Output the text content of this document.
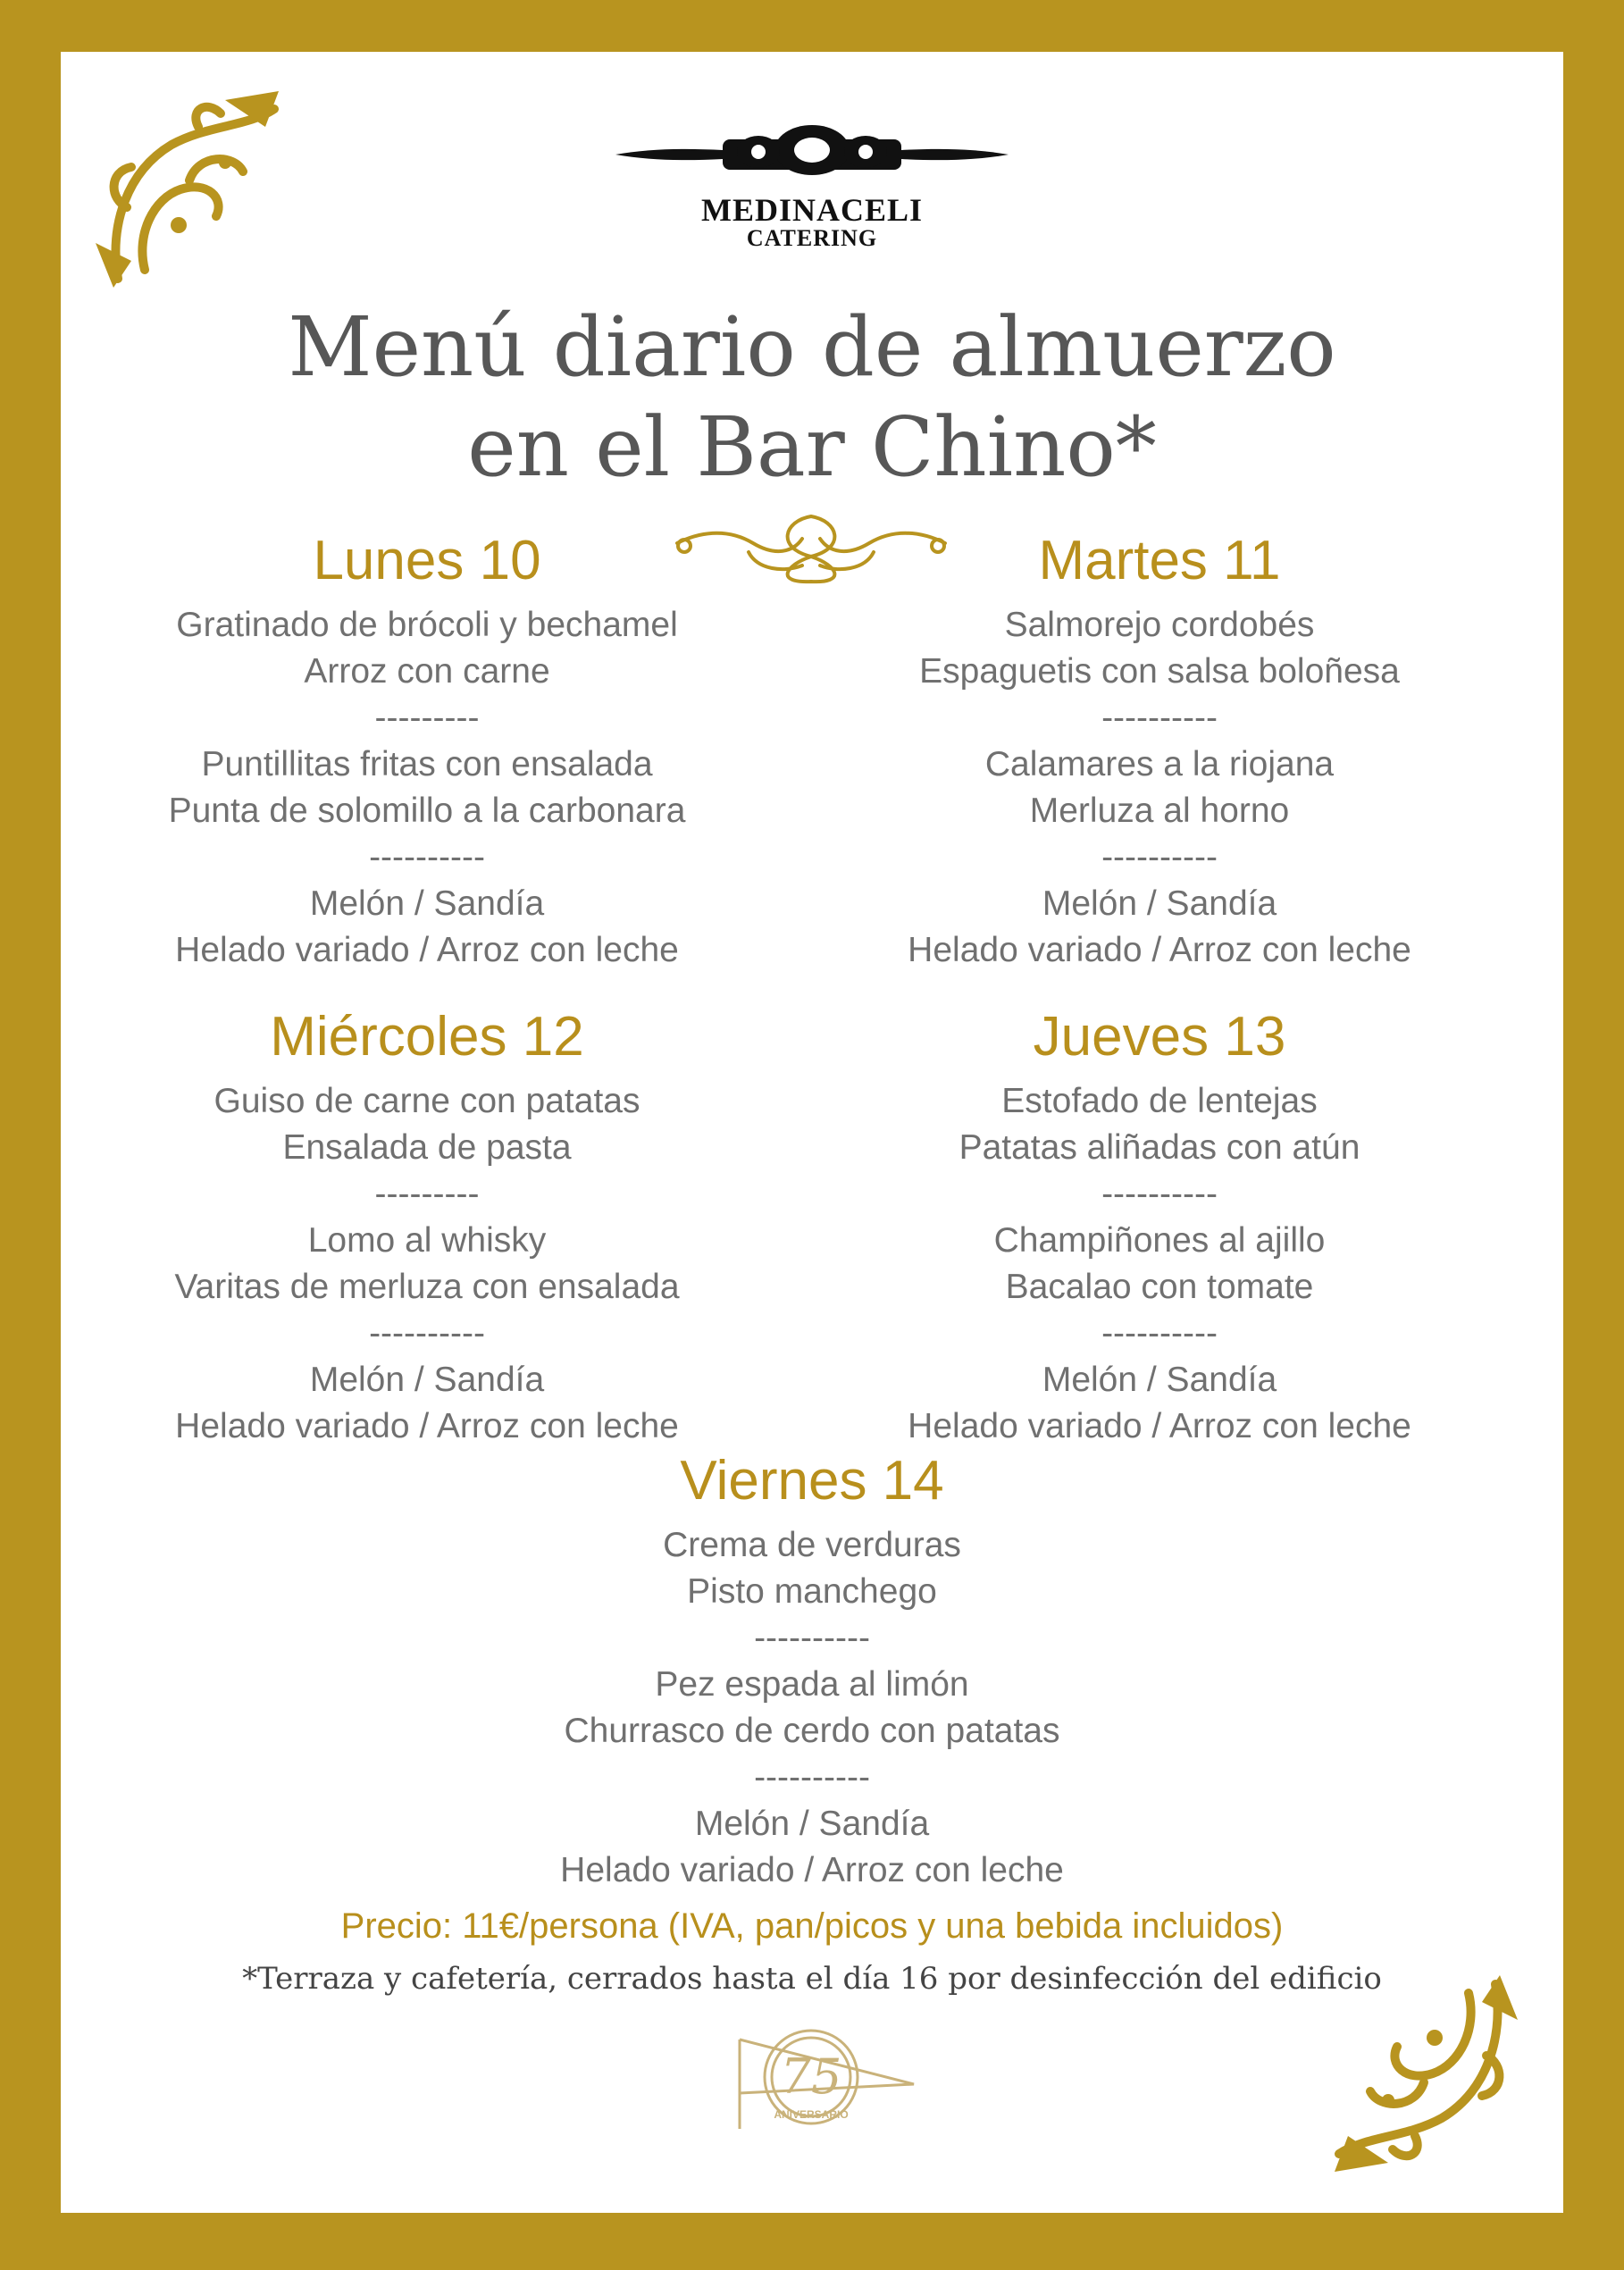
MEDINACELI
CATERING
Menú diario de almuerzo
en el Bar Chino*
Lunes 10
Gratinado de brócoli y bechamel
Arroz con carne
---------
Puntillitas fritas con ensalada
Punta de solomillo a la carbonara
----------
Melón / Sandía
Helado variado / Arroz con leche
Martes 11
Salmorejo cordobés
Espaguetis con salsa boloñesa
----------
Calamares a la riojana
Merluza al horno
----------
Melón / Sandía
Helado variado / Arroz con leche
Miércoles 12
Guiso de carne con patatas
Ensalada de pasta
---------
Lomo al whisky
Varitas de merluza con ensalada
----------
Melón / Sandía
Helado variado / Arroz con leche
Jueves 13
Estofado de lentejas
Patatas aliñadas con atún
----------
Champiñones al ajillo
Bacalao con tomate
----------
Melón / Sandía
Helado variado / Arroz con leche
Viernes 14
Crema de verduras
Pisto manchego
----------
Pez espada al limón
Churrasco de cerdo con patatas
----------
Melón / Sandía
Helado variado / Arroz con leche
Precio: 11€/persona (IVA, pan/picos y una bebida incluidos)
*Terraza y cafetería, cerrados hasta el día 16 por desinfección del edificio
75
ANIVERSARIO
